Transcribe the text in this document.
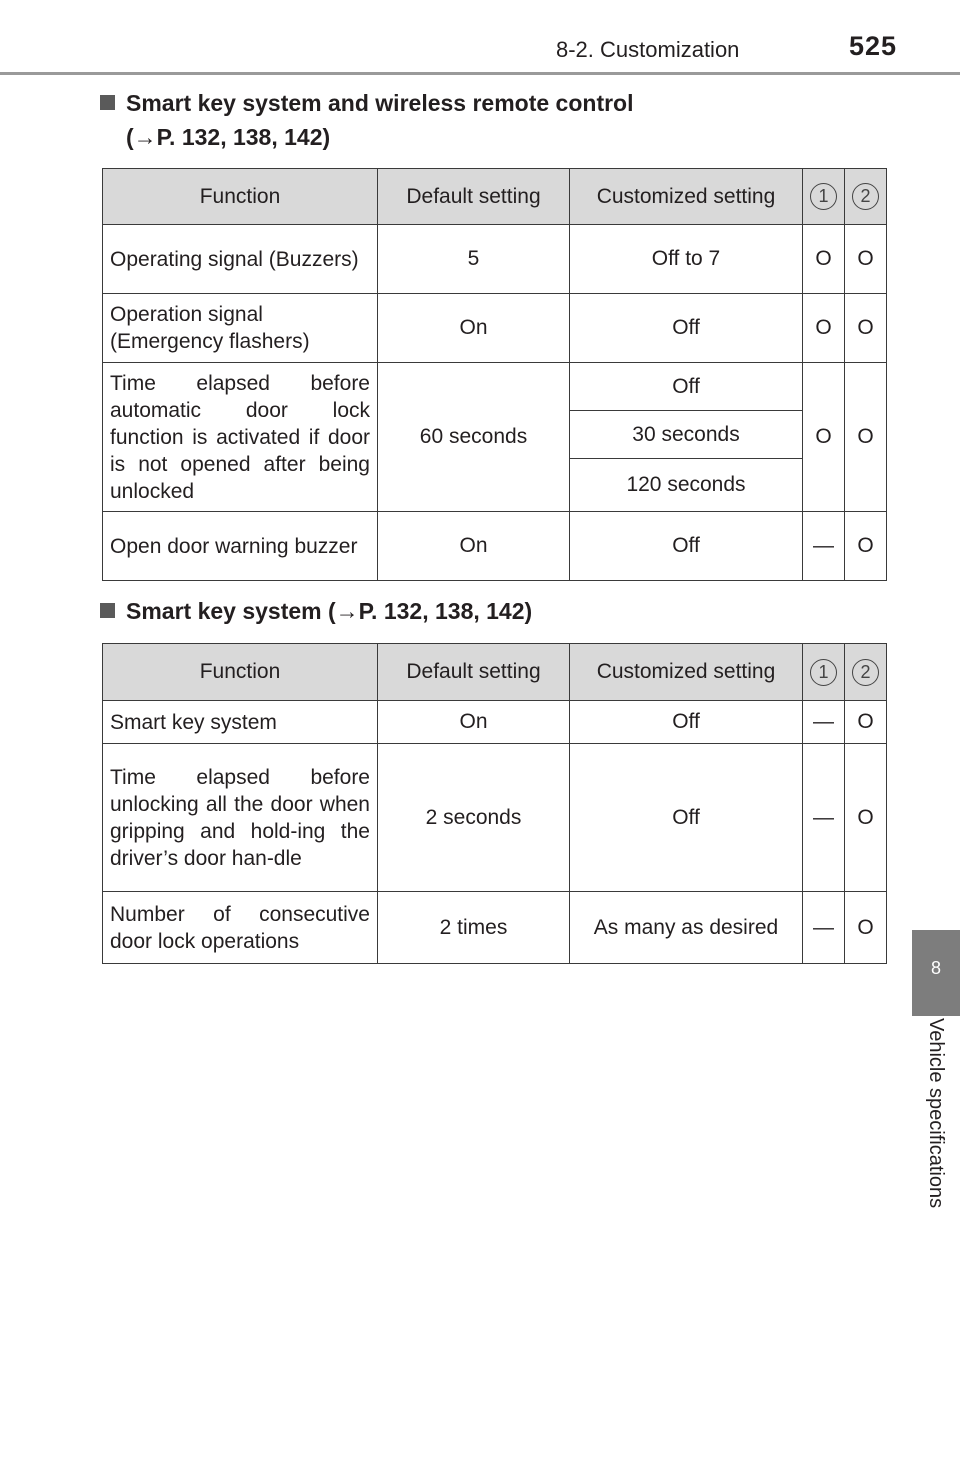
8-2. Customization	525
8
Vehicle specifications
Smart key system and wireless remote control
(→P. 132, 138, 142)
Function	Default setting	Customized setting	1	2
Operating signal (Buzzers)	5	Off to 7	O	O
Operation signal (Emergency flashers)	On	Off	O	O
Time elapsed before automatic door lock function is activated if door is not opened after being unlocked	60 seconds	Off	O	O
		30 seconds		
		120 seconds		
Open door warning buzzer	On	Off	—	O
Smart key system (→P. 132, 138, 142)
Function	Default setting	Customized setting	1	2
Smart key system	On	Off	—	O
Time elapsed before unlocking all the door when gripping and hold-ing the driver’s door han-dle	2 seconds	Off	—	O
Number of consecutive door lock operations	2 times	As many as desired	—	O
